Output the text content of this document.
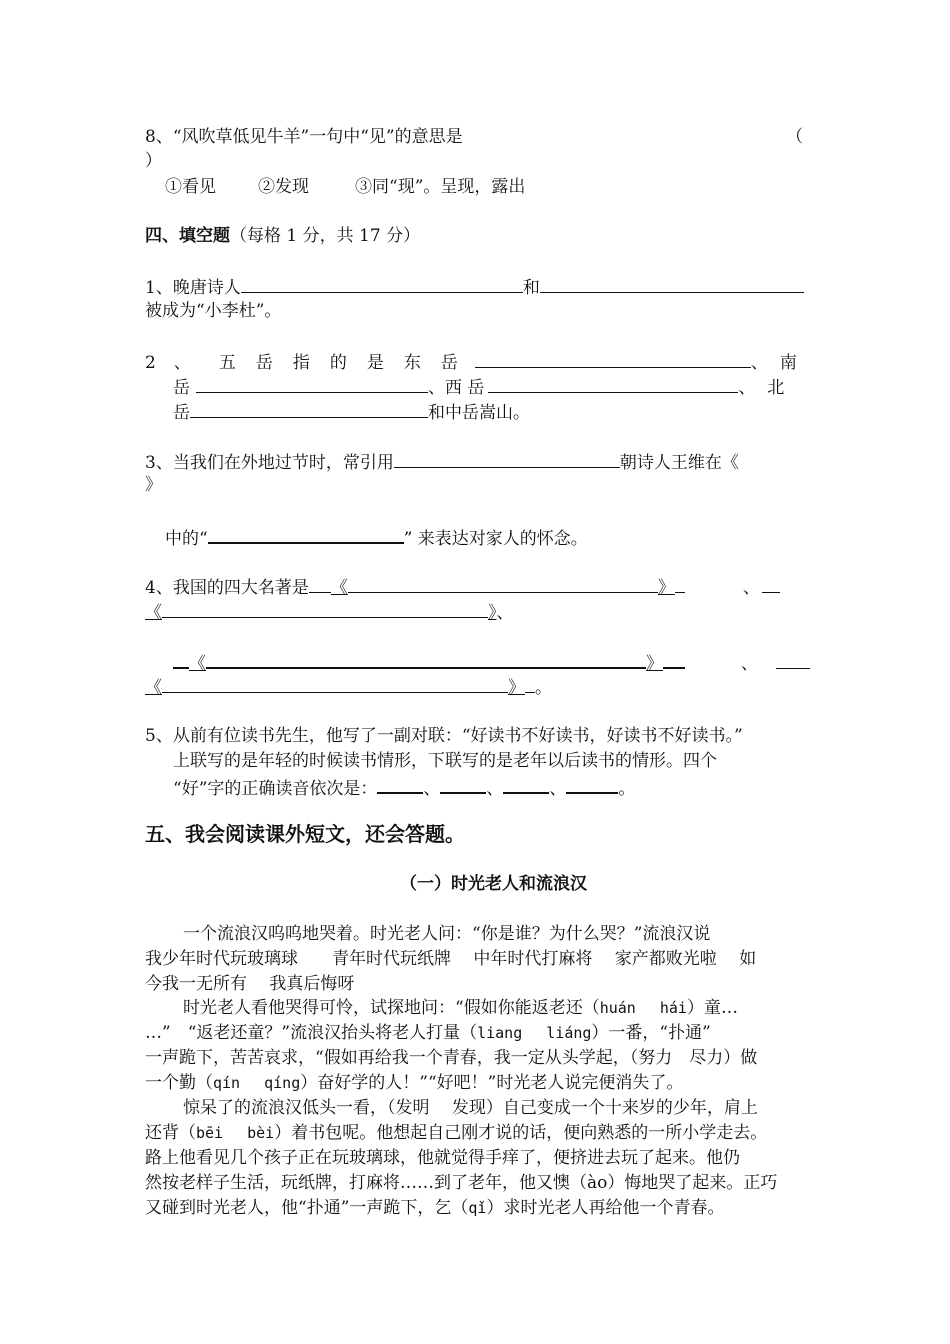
8、“风吹草低见牛羊”一句中“见”的意思是	（
）
①看见 ②发现	③同“现”。呈现，露出
四、填空题（每格 1 分，共 17 分）
1、晚唐诗人	和
被成为“小李杜”。
2 、 五 岳 指 的 是 东 岳	、 南
岳	、西 岳	、 北
岳	和中岳嵩山。
3、当我们在外地过节时，常引用	朝诗人王维在《
》
中的“	” 来表达对家人的怀念。
4、我国的四大名著是 《	》	、
《	》、
《	》	、
《	》 。
5、从前有位读书先生，他写了一副对联：“好读书不好读书，好读书不好读书。”
上联写的是年轻的时候读书情形，下联写的是老年以后读书的情形。四个
“好”字的正确读音依次是：	、	、	、	。
五、我会阅读课外短文，还会答题。
（一）时光老人和流浪汉
一个流浪汉呜呜地哭着。时光老人问：“你是谁？为什么哭？”流浪汉说
我少年时代玩玻璃球　　青年时代玩纸牌　 中年时代打麻将　 家产都败光啦　 如
今我一无所有　 我真后悔呀
时光老人看他哭得可怜，试探地问：“假如你能返老还（huán　 hái）童…
…”　“返老还童？”流浪汉抬头将老人打量（liang　 liáng）一番，“扑通”
一声跪下，苦苦哀求，“假如再给我一个青春，我一定从头学起，（努力　尽力）做
一个勤（qín　 qíng）奋好学的人！”“好吧！”时光老人说完便消失了。
惊呆了的流浪汉低头一看，（发明　 发现）自己变成一个十来岁的少年，肩上
还背（bēi　 bèi）着书包呢。他想起自己刚才说的话，便向熟悉的一所小学走去。
路上他看见几个孩子正在玩玻璃球，他就觉得手痒了，便挤进去玩了起来。他仍
然按老样子生活，玩纸牌，打麻将……到了老年，他又懊（ào）悔地哭了起来。正巧
又碰到时光老人，他“扑通”一声跪下，乞（qǐ）求时光老人再给他一个青春。
